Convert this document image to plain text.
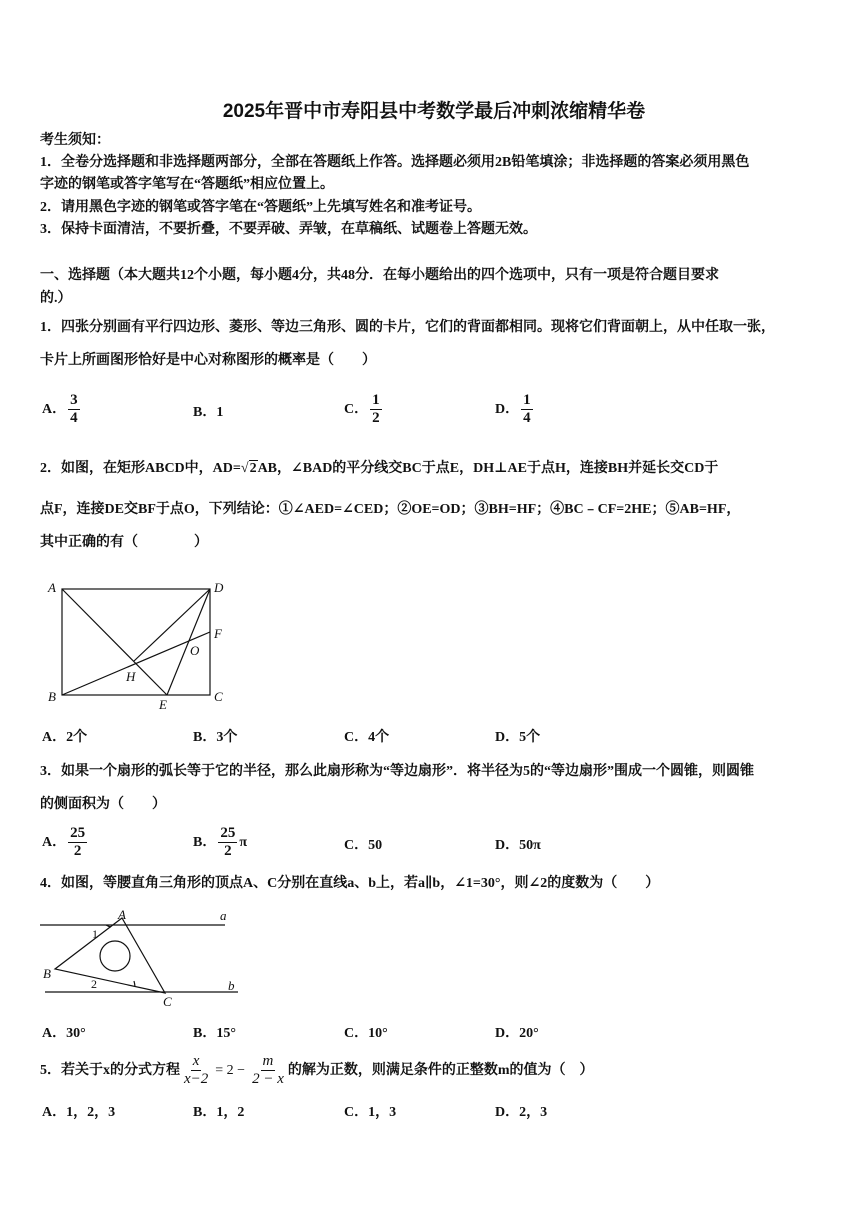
2025年晋中市寿阳县中考数学最后冲刺浓缩精华卷
考生须知：
1．全卷分选择题和非选择题两部分，全部在答题纸上作答。选择题必须用2B铅笔填涂；非选择题的答案必须用黑色
字迹的钢笔或答字笔写在“答题纸”相应位置上。
2．请用黑色字迹的钢笔或答字笔在“答题纸”上先填写姓名和准考证号。
3．保持卡面清洁，不要折叠，不要弄破、弄皱，在草稿纸、试题卷上答题无效。
一、选择题（本大题共12个小题，每小题4分，共48分．在每小题给出的四个选项中，只有一项是符合题目要求
的.）
1．四张分别画有平行四边形、菱形、等边三角形、圆的卡片，它们的背面都相同。现将它们背面朝上，从中任取一张，
卡片上所画图形恰好是中心对称图形的概率是（　　）
A． $\frac{3}{4}$	B．1	C． $\frac{1}{2}$	D． $\frac{1}{4}$
2．如图，在矩形ABCD中，AD=√2AB，∠BAD的平分线交BC于点E，DH⊥AE于点H，连接BH并延长交CD于
点F，连接DE交BF于点O，下列结论：①∠AED=∠CED；②OE=OD；③BH=HF；④BC﹣CF=2HE；⑤AB=HF，
其中正确的有（　　　　）
A	D
B	C
E
F
H
O
A．2个	B．3个	C．4个	D．5个
3．如果一个扇形的弧长等于它的半径，那么此扇形称为“等边扇形”．将半径为5的“等边扇形”围成一个圆锥，则圆锥
的侧面积为（　　）
A． $\frac{25}{2}$	B． $\frac{25}{2}$ π	C．50	D．50π
4．如图，等腰直角三角形的顶点A、C分别在直线a、b上，若a∥b，∠1=30°，则∠2的度数为（　　）
A	a
B
C
b
1
2
A．30°	B．15°	C．10°	D．20°
5．若关于x的分式方程 $\frac{x}{x-2} = 2 - \frac{m}{2 - x}$ 的解为正数，则满足条件的正整数m的值为（　）
A．1，2，3	B．1，2	C．1，3	D．2，3
